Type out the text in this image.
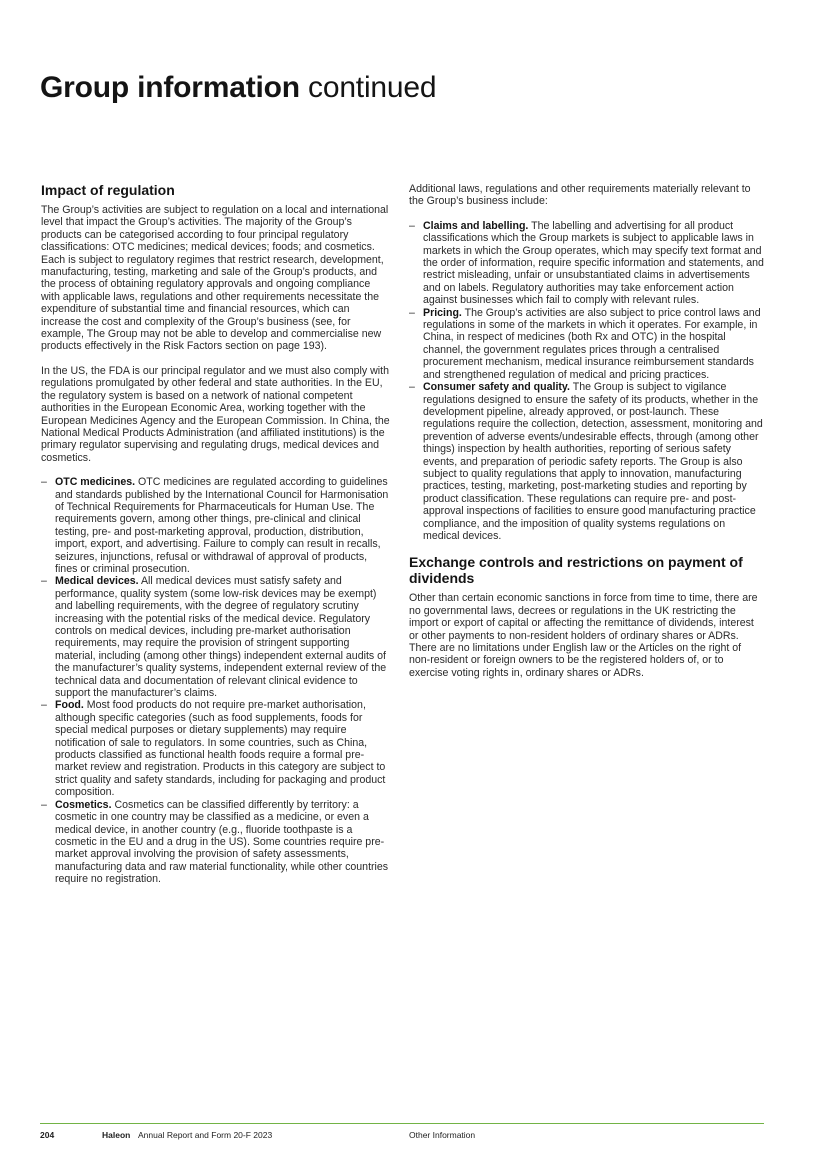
Group information continued
Impact of regulation

The Group’s activities are subject to regulation on a local and international level that impact the Group’s activities. The majority of the Group’s products can be categorised according to four principal regulatory classifications: OTC medicines; medical devices; foods; and cosmetics. Each is subject to regulatory regimes that restrict research, development, manufacturing, testing, marketing and sale of the Group’s products, and the process of obtaining regulatory approvals and ongoing compliance with applicable laws, regulations and other requirements necessitate the expenditure of substantial time and financial resources, which can increase the cost and complexity of the Group’s business (see, for example, The Group may not be able to develop and commercialise new products effectively in the Risk Factors section on page 193).

In the US, the FDA is our principal regulator and we must also comply with regulations promulgated by other federal and state authorities. In the EU, the regulatory system is based on a network of national competent authorities in the European Economic Area, working together with the European Medicines Agency and the European Commission. In China, the National Medical Products Administration (and affiliated institutions) is the primary regulator supervising and regulating drugs, medical devices and cosmetics.

– OTC medicines. OTC medicines are regulated according to guidelines and standards published by the International Council for Harmonisation of Technical Requirements for Pharmaceuticals for Human Use. The requirements govern, among other things, pre-clinical and clinical testing, pre- and post-marketing approval, production, distribution, import, export, and advertising. Failure to comply can result in recalls, seizures, injunctions, refusal or withdrawal of approval of products, fines or criminal prosecution.
– Medical devices. All medical devices must satisfy safety and performance, quality system (some low-risk devices may be exempt) and labelling requirements, with the degree of regulatory scrutiny increasing with the potential risks of the medical device. Regulatory controls on medical devices, including pre-market authorisation requirements, may require the provision of stringent supporting material, including (among other things) independent external audits of the manufacturer’s quality systems, independent external review of the technical data and documentation of relevant clinical evidence to support the manufacturer’s claims.
– Food. Most food products do not require pre-market authorisation, although specific categories (such as food supplements, foods for special medical purposes or dietary supplements) may require notification of sale to regulators. In some countries, such as China, products classified as functional health foods require a formal pre-market review and registration. Products in this category are subject to strict quality and safety standards, including for packaging and product composition.
– Cosmetics. Cosmetics can be classified differently by territory: a cosmetic in one country may be classified as a medicine, or even a medical device, in another country (e.g., fluoride toothpaste is a cosmetic in the EU and a drug in the US). Some countries require pre-market approval involving the provision of safety assessments, manufacturing data and raw material functionality, while other countries require no registration.

Additional laws, regulations and other requirements materially relevant to the Group’s business include:

– Claims and labelling. The labelling and advertising for all product classifications which the Group markets is subject to applicable laws in markets in which the Group operates, which may specify text format and the order of information, require specific information and statements, and restrict misleading, unfair or unsubstantiated claims in advertisements and on labels. Regulatory authorities may take enforcement action against businesses which fail to comply with relevant rules.
– Pricing. The Group’s activities are also subject to price control laws and regulations in some of the markets in which it operates. For example, in China, in respect of medicines (both Rx and OTC) in the hospital channel, the government regulates prices through a centralised procurement mechanism, medical insurance reimbursement standards and strengthened regulation of medical and pricing practices.
– Consumer safety and quality. The Group is subject to vigilance regulations designed to ensure the safety of its products, whether in the development pipeline, already approved, or post-launch. These regulations require the collection, detection, assessment, monitoring and prevention of adverse events/undesirable effects, through (among other things) inspection by health authorities, reporting of serious safety events, and preparation of periodic safety reports. The Group is also subject to quality regulations that apply to innovation, manufacturing practices, testing, marketing, post-marketing studies and reporting by product classification. These regulations can require pre- and post-approval inspections of facilities to ensure good manufacturing practice compliance, and the imposition of quality systems regulations on medical devices.
Exchange controls and restrictions on payment of dividends

Other than certain economic sanctions in force from time to time, there are no governmental laws, decrees or regulations in the UK restricting the import or export of capital or affecting the remittance of dividends, interest or other payments to non-resident holders of ordinary shares or ADRs. There are no limitations under English law or the Articles on the right of non-resident or foreign owners to be the registered holders of, or to exercise voting rights in, ordinary shares or ADRs.

204	Haleon Annual Report and Form 20-F 2023	Other Information
